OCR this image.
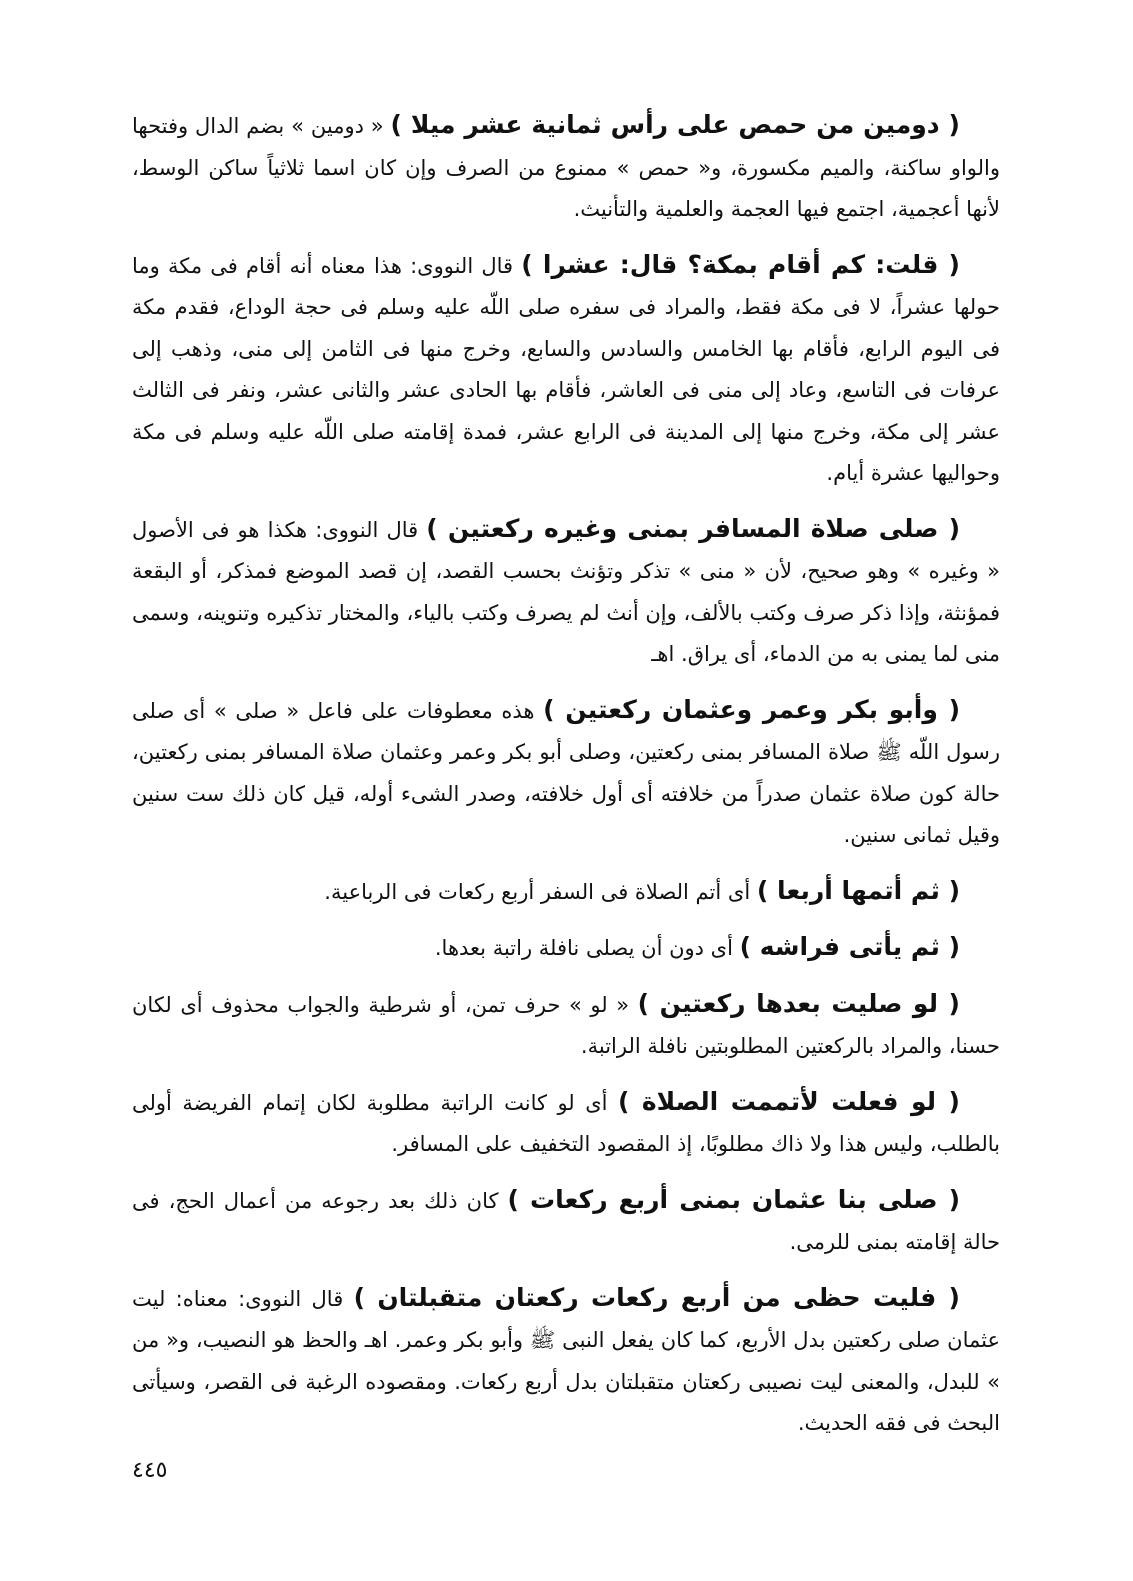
( دومين من حمص على رأس ثمانية عشر ميلا ) « دومين » بضم الدال وفتحها والواو ساكنة، والميم مكسورة، و« حمص » ممنوع من الصرف وإن كان اسما ثلاثياً ساكن الوسط، لأنها أعجمية، اجتمع فيها العجمة والعلمية والتأنيث.

( قلت: كم أقام بمكة؟ قال: عشرا ) قال النووى: هذا معناه أنه أقام فى مكة وما حولها عشراً، لا فى مكة فقط، والمراد فى سفره صلى اللّه عليه وسلم فى حجة الوداع، فقدم مكة فى اليوم الرابع، فأقام بها الخامس والسادس والسابع، وخرج منها فى الثامن إلى منى، وذهب إلى عرفات فى التاسع، وعاد إلى منى فى العاشر، فأقام بها الحادى عشر والثانى عشر، ونفر فى الثالث عشر إلى مكة، وخرج منها إلى المدينة فى الرابع عشر، فمدة إقامته صلى اللّه عليه وسلم فى مكة وحواليها عشرة أيام.

( صلى صلاة المسافر بمنى وغيره ركعتين ) قال النووى: هكذا هو فى الأصول « وغيره » وهو صحيح، لأن « منى » تذكر وتؤنث بحسب القصد، إن قصد الموضع فمذكر، أو البقعة فمؤنثة، وإذا ذكر صرف وكتب بالألف، وإن أنث لم يصرف وكتب بالياء، والمختار تذكيره وتنوينه، وسمى منى لما يمنى به من الدماء، أى يراق. اهـ

( وأبو بكر وعمر وعثمان ركعتين ) هذه معطوفات على فاعل « صلى » أى صلى رسول اللّه ﷺ صلاة المسافر بمنى ركعتين، وصلى أبو بكر وعمر وعثمان صلاة المسافر بمنى ركعتين، حالة كون صلاة عثمان صدراً من خلافته أى أول خلافته، وصدر الشىء أوله، قيل كان ذلك ست سنين وقيل ثمانى سنين.

( ثم أتمها أربعا ) أى أتم الصلاة فى السفر أربع ركعات فى الرباعية.

( ثم يأتى فراشه ) أى دون أن يصلى نافلة راتبة بعدها.

( لو صليت بعدها ركعتين ) « لو » حرف تمن، أو شرطية والجواب محذوف أى لكان حسنا، والمراد بالركعتين المطلوبتين نافلة الراتبة.

( لو فعلت لأتممت الصلاة ) أى لو كانت الراتبة مطلوبة لكان إتمام الفريضة أولى بالطلب، وليس هذا ولا ذاك مطلوبًا، إذ المقصود التخفيف على المسافر.

( صلى بنا عثمان بمنى أربع ركعات ) كان ذلك بعد رجوعه من أعمال الحج، فى حالة إقامته بمنى للرمى.

( فليت حظى من أربع ركعات ركعتان متقبلتان ) قال النووى: معناه: ليت عثمان صلى ركعتين بدل الأربع، كما كان يفعل النبى ﷺ وأبو بكر وعمر. اهـ والحظ هو النصيب، و« من » للبدل، والمعنى ليت نصيبى ركعتان متقبلتان بدل أربع ركعات. ومقصوده الرغبة فى القصر، وسيأتى البحث فى فقه الحديث.

٤٤٥
